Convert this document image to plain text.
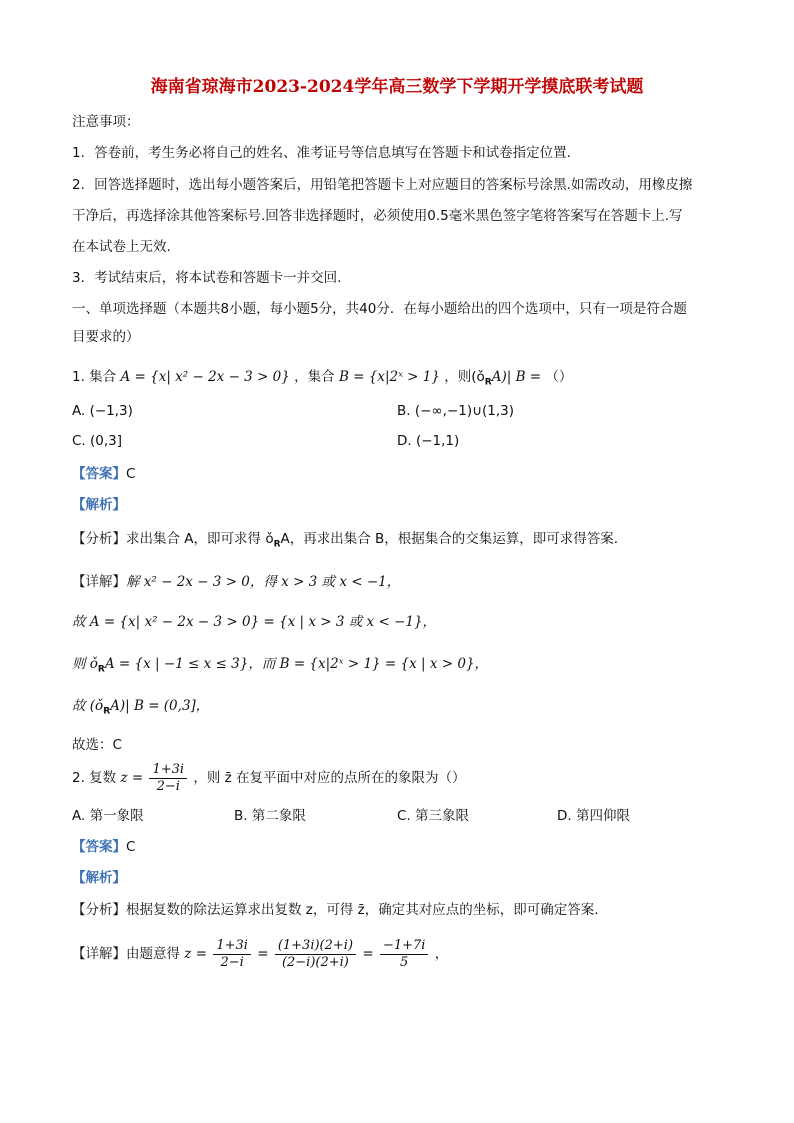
海南省琼海市2023-2024学年高三数学下学期开学摸底联考试题
注意事项：
1．答卷前，考生务必将自己的姓名、准考证号等信息填写在答题卡和试卷指定位置.
2．回答选择题时，选出每小题答案后，用铅笔把答题卡上对应题目的答案标号涂黑.如需改动，用橡皮擦
干净后，再选择涂其他答案标号.回答非选择题时，必须使用0.5毫米黑色签字笔将答案写在答题卡上.写
在本试卷上无效.
3．考试结束后，将本试卷和答题卡一并交回.
一、单项选择题（本题共8小题，每小题5分，共40分．在每小题给出的四个选项中，只有一项是符合题
目要求的）
1. 集合 A = {x| x² − 2x − 3 > 0} ，集合 B = {x|2ˣ > 1} ，则$(ǒ_RA)|$ B = （）
A. (−1,3)	B. (−∞,−1)∪(1,3)
C. (0,3]	D. (−1,1)
【答案】C
【解析】
【分析】求出集合 A，即可求得 $ǒ_RA$，再求出集合 B，根据集合的交集运算，即可求得答案.
【详解】解 x² − 2x − 3 > 0，得 x > 3 或 x < −1，
故 A = {x| x² − 2x − 3 > 0} = {x | x > 3 或 x < −1}，
则 $ǒ_RA = \{x$ | −1 ≤ x ≤ 3}，而 B = {x|2ˣ > 1} = {x | x > 0}，
故 $(ǒ_RA)|$ B = (0,3]，
故选：C
2. 复数 $z = \frac{1+3i}{2-i}$ ，则 z̄ 在复平面中对应的点所在的象限为（）
A. 第一象限	B. 第二象限	C. 第三象限	D. 第四仰限
【答案】C
【解析】
【分析】根据复数的除法运算求出复数 z，可得 z̄，确定其对应点的坐标，即可确定答案.
【详解】由题意得 $z = \frac{1+3i}{2-i} = \frac{(1+3i)(2+i)}{(2-i)(2+i)} = \frac{-1+7i}{5}$ ，
